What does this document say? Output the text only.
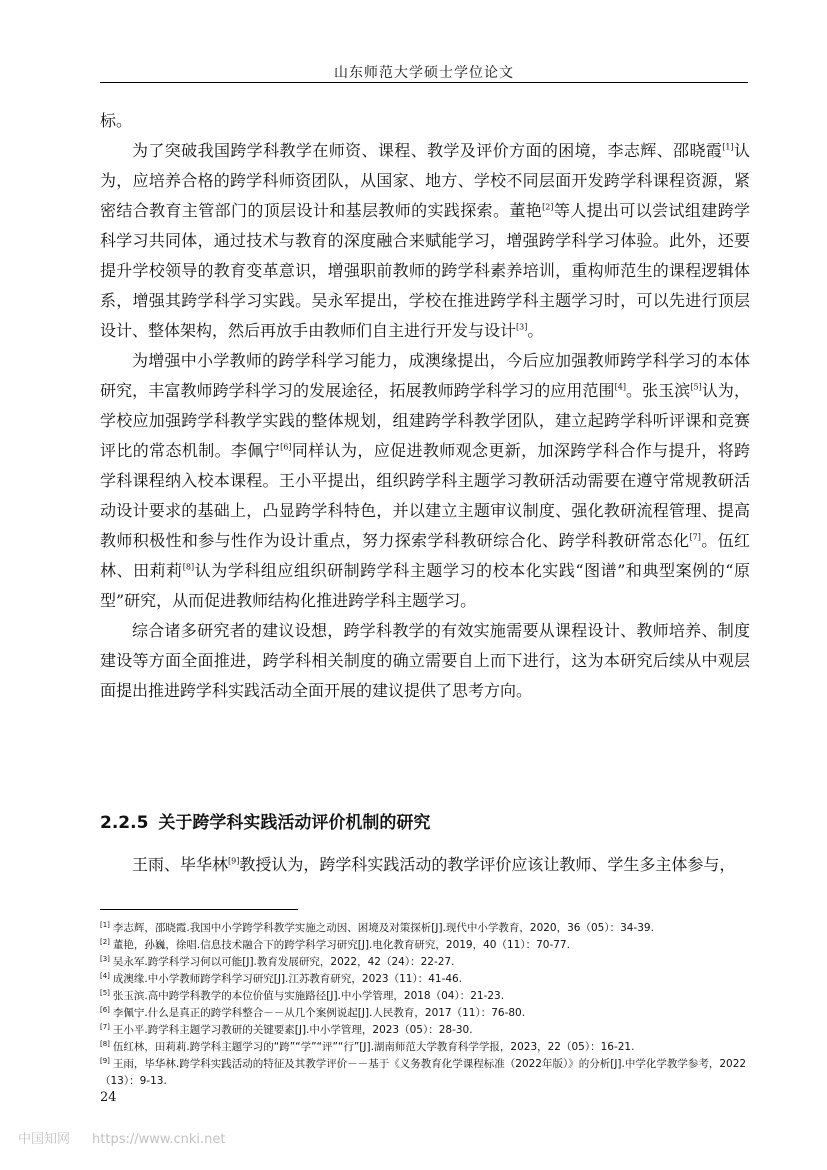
山东师范大学硕士学位论文

标。

为了突破我国跨学科教学在师资、课程、教学及评价方面的困境，李志辉、邵晓霞[1]认为，应培养合格的跨学科师资团队，从国家、地方、学校不同层面开发跨学科课程资源，紧密结合教育主管部门的顶层设计和基层教师的实践探索。董艳[2]等人提出可以尝试组建跨学科学习共同体，通过技术与教育的深度融合来赋能学习，增强跨学科学习体验。此外，还要提升学校领导的教育变革意识，增强职前教师的跨学科素养培训，重构师范生的课程逻辑体系，增强其跨学科学习实践。吴永军提出，学校在推进跨学科主题学习时，可以先进行顶层设计、整体架构，然后再放手由教师们自主进行开发与设计[3]。

为增强中小学教师的跨学科学习能力，成澳缘提出，今后应加强教师跨学科学习的本体研究，丰富教师跨学科学习的发展途径，拓展教师跨学科学习的应用范围[4]。张玉滨[5]认为，学校应加强跨学科教学实践的整体规划，组建跨学科教学团队，建立起跨学科听评课和竞赛评比的常态机制。李佩宁[6]同样认为，应促进教师观念更新，加深跨学科合作与提升，将跨学科课程纳入校本课程。王小平提出，组织跨学科主题学习教研活动需要在遵守常规教研活动设计要求的基础上，凸显跨学科特色，并以建立主题审议制度、强化教研流程管理、提高教师积极性和参与性作为设计重点，努力探索学科教研综合化、跨学科教研常态化[7]。伍红林、田莉莉[8]认为学科组应组织研制跨学科主题学习的校本化实践“图谱”和典型案例的“原型”研究，从而促进教师结构化推进跨学科主题学习。

综合诸多研究者的建议设想，跨学科教学的有效实施需要从课程设计、教师培养、制度建设等方面全面推进，跨学科相关制度的确立需要自上而下进行，这为本研究后续从中观层面提出推进跨学科实践活动全面开展的建议提供了思考方向。

2.2.5 关于跨学科实践活动评价机制的研究

王雨、毕华林[9]教授认为，跨学科实践活动的教学评价应该让教师、学生多主体参与，

[1] 李志辉，邵晓霞.我国中小学跨学科教学实施之动因、困境及对策探析[J].现代中小学教育，2020，36（05）：34-39.

[2] 董艳，孙巍，徐唱.信息技术融合下的跨学科学习研究[J].电化教育研究，2019，40（11）：70-77.

[3] 吴永军.跨学科学习何以可能[J].教育发展研究，2022，42（24）：22-27.

[4] 成澳缘.中小学教师跨学科学习研究[J].江苏教育研究，2023（11）：41-46.

[5] 张玉滨.高中跨学科教学的本位价值与实施路径[J].中小学管理，2018（04）：21-23.

[6] 李佩宁.什么是真正的跨学科整合－－从几个案例说起[J].人民教育，2017（11）：76-80.

[7] 王小平.跨学科主题学习教研的关键要素[J].中小学管理，2023（05）：28-30.

[8] 伍红林，田莉莉.跨学科主题学习的“跨”“学”“评”“行”[J].湖南师范大学教育科学学报，2023，22（05）：16-21.

[9] 王雨，毕华林.跨学科实践活动的特征及其教学评价－－基于《义务教育化学课程标准（2022年版）》的分析[J].中学化学教学参考，2022（13）：9-13.

24
中国知网 https://www.cnki.net
